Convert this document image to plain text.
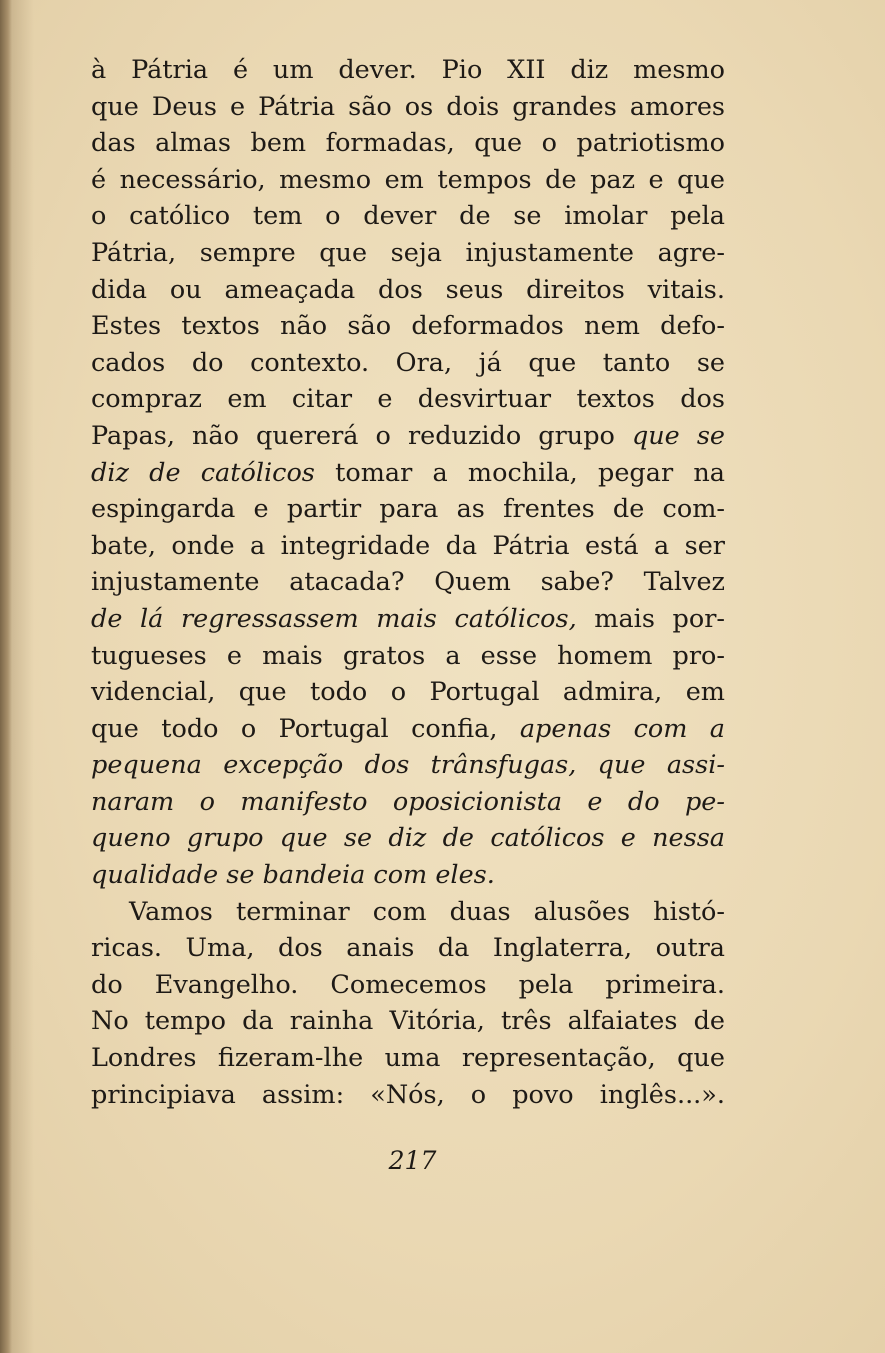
à Pátria é um dever. Pio XII diz mesmo
que Deus e Pátria são os dois grandes amores
das almas bem formadas, que o patriotismo
é necessário, mesmo em tempos de paz e que
o católico tem o dever de se imolar pela
Pátria, sempre que seja injustamente agre-
dida ou ameaçada dos seus direitos vitais.
Estes textos não são deformados nem defo-
cados do contexto. Ora, já que tanto se
compraz em citar e desvirtuar textos dos
Papas, não quererá o reduzido grupo que se
diz de católicos tomar a mochila, pegar na
espingarda e partir para as frentes de com-
bate, onde a integridade da Pátria está a ser
injustamente atacada? Quem sabe? Talvez
de lá regressassem mais católicos, mais por-
tugueses e mais gratos a esse homem pro-
videncial, que todo o Portugal admira, em
que todo o Portugal confia, apenas com a
pequena excepção dos trânsfugas, que assi-
naram o manifesto oposicionista e do pe-
queno grupo que se diz de católicos e nessa
qualidade se bandeia com eles.
Vamos terminar com duas alusões histó-
ricas. Uma, dos anais da Inglaterra, outra
do Evangelho. Comecemos pela primeira.
No tempo da rainha Vitória, três alfaiates de
Londres fizeram-lhe uma representação, que
principiava assim: «Nós, o povo inglês...».
217
